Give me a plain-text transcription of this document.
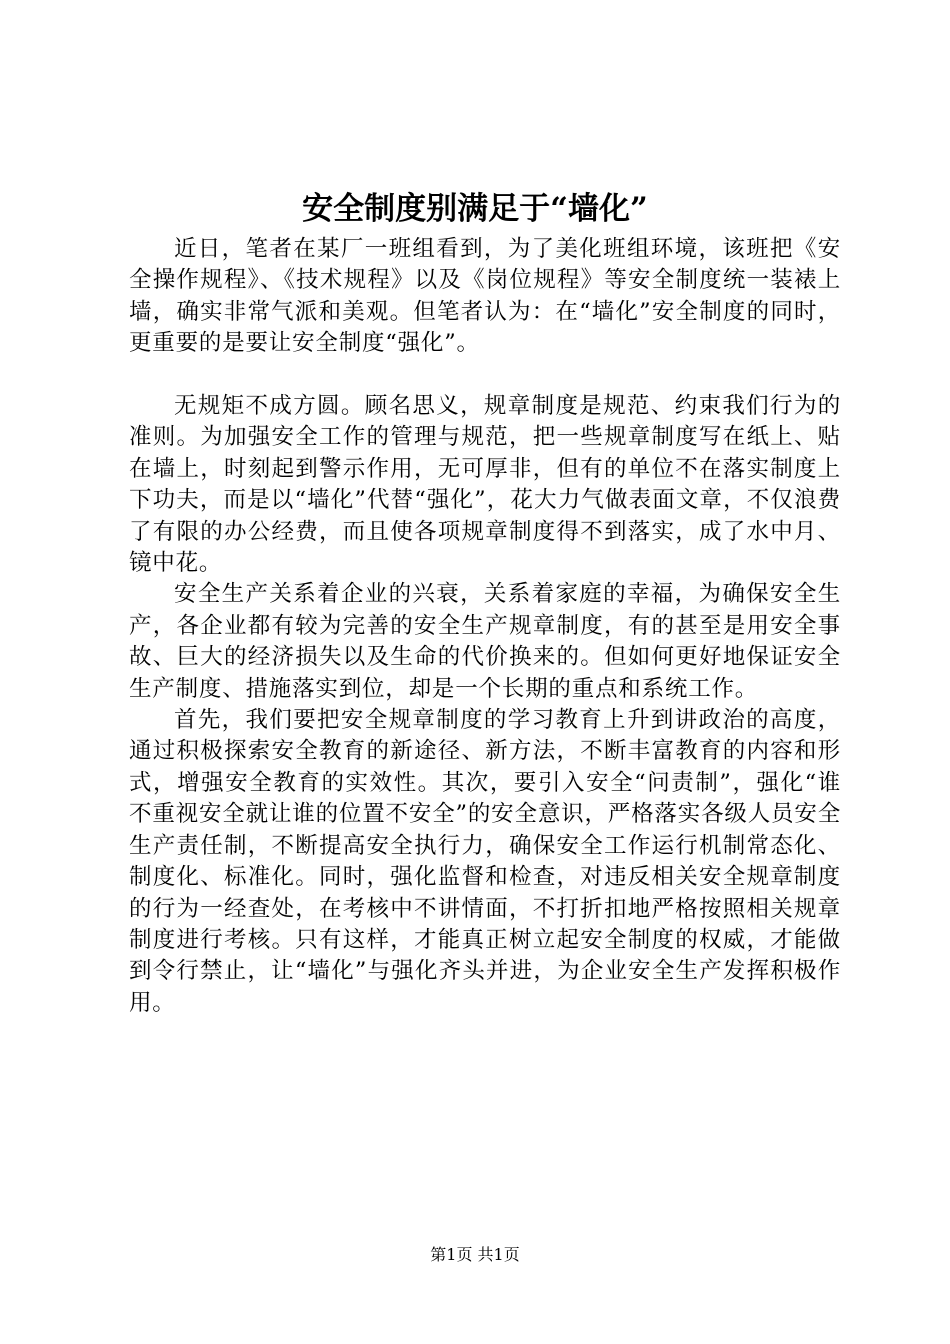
安全制度别满足于“墙化”

近日，笔者在某厂一班组看到，为了美化班组环境，该班把《安全操作规程》、《技术规程》以及《岗位规程》等安全制度统一装裱上墙，确实非常气派和美观。但笔者认为：在“墙化”安全制度的同时，更重要的是要让安全制度“强化”。

无规矩不成方圆。顾名思义，规章制度是规范、约束我们行为的准则。为加强安全工作的管理与规范，把一些规章制度写在纸上、贴在墙上，时刻起到警示作用，无可厚非，但有的单位不在落实制度上下功夫，而是以“墙化”代替“强化”，花大力气做表面文章，不仅浪费了有限的办公经费，而且使各项规章制度得不到落实，成了水中月、镜中花。

安全生产关系着企业的兴衰，关系着家庭的幸福，为确保安全生产，各企业都有较为完善的安全生产规章制度，有的甚至是用安全事故、巨大的经济损失以及生命的代价换来的。但如何更好地保证安全生产制度、措施落实到位，却是一个长期的重点和系统工作。

首先，我们要把安全规章制度的学习教育上升到讲政治的高度，通过积极探索安全教育的新途径、新方法，不断丰富教育的内容和形式，增强安全教育的实效性。其次，要引入安全“问责制”，强化“谁不重视安全就让谁的位置不安全”的安全意识，严格落实各级人员安全生产责任制，不断提高安全执行力，确保安全工作运行机制常态化、制度化、标准化。同时，强化监督和检查，对违反相关安全规章制度的行为一经查处，在考核中不讲情面，不打折扣地严格按照相关规章制度进行考核。只有这样，才能真正树立起安全制度的权威，才能做到令行禁止，让“墙化”与强化齐头并进，为企业安全生产发挥积极作用。

第1页 共1页
